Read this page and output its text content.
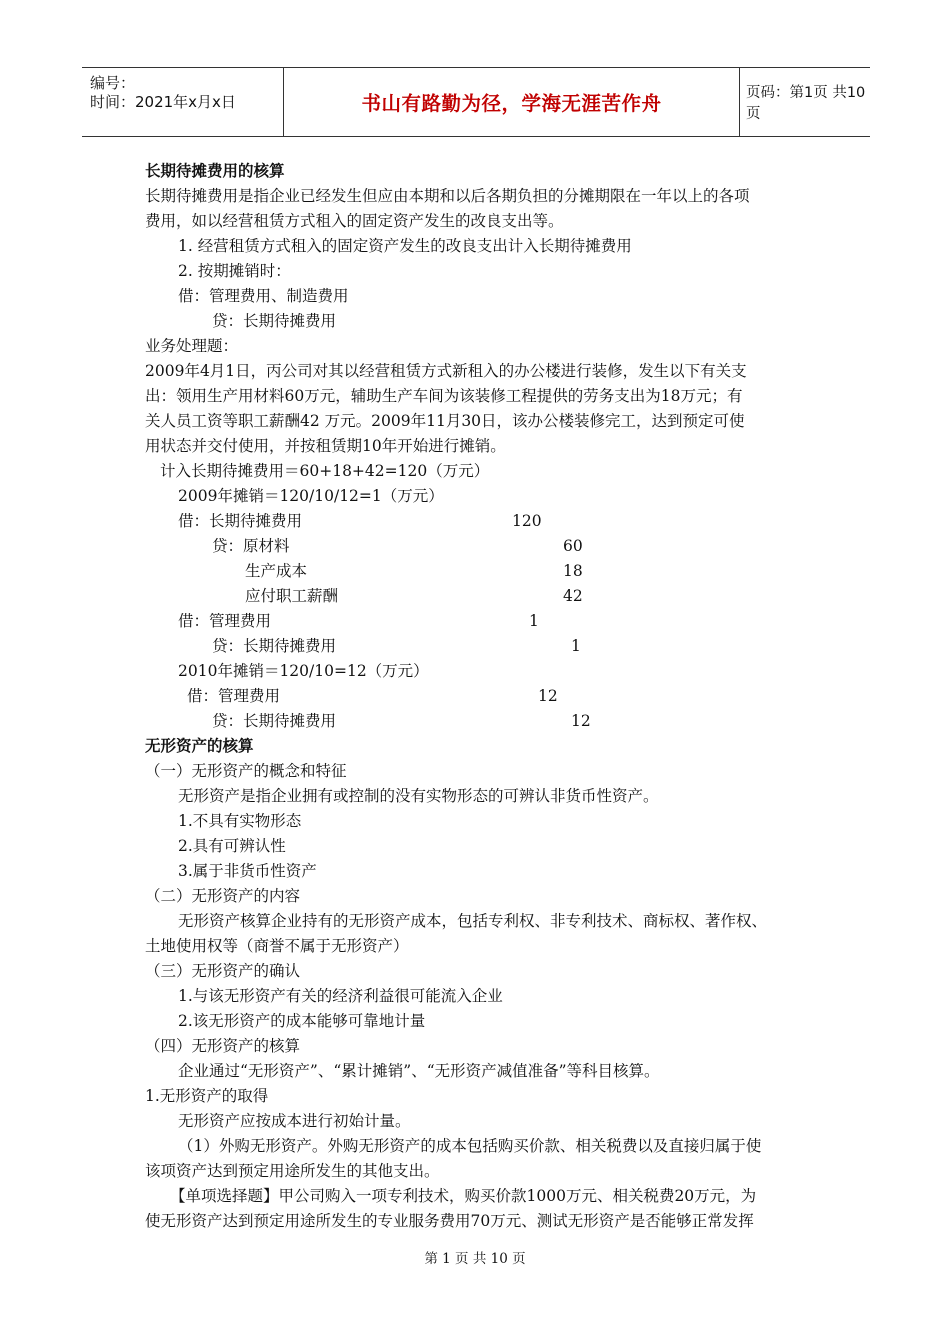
编号：
时间：2021年x月x日	书山有路勤为径，学海无涯苦作舟	页码：第1页 共10页
长期待摊费用的核算
长期待摊费用是指企业已经发生但应由本期和以后各期负担的分摊期限在一年以上的各项
费用，如以经营租赁方式租入的固定资产发生的改良支出等。
1. 经营租赁方式租入的固定资产发生的改良支出计入长期待摊费用
2. 按期摊销时：
借：管理费用、制造费用
贷：长期待摊费用
业务处理题：
2009年4月1日，丙公司对其以经营租赁方式新租入的办公楼进行装修，发生以下有关支
出：领用生产用材料60万元，辅助生产车间为该装修工程提供的劳务支出为18万元；有
关人员工资等职工薪酬42 万元。2009年11月30日，该办公楼装修完工，达到预定可使
用状态并交付使用，并按租赁期10年开始进行摊销。
计入长期待摊费用＝60+18+42=120（万元）
2009年摊销＝120/10/12=1（万元）
借：长期待摊费用	120
贷：原材料	60
生产成本	18
应付职工薪酬	42
借：管理费用	1
贷：长期待摊费用	1
2010年摊销＝120/10=12（万元）
借：管理费用	12
贷：长期待摊费用	12
无形资产的核算
（一）无形资产的概念和特征
无形资产是指企业拥有或控制的没有实物形态的可辨认非货币性资产。
1.不具有实物形态
2.具有可辨认性
3.属于非货币性资产
（二）无形资产的内容
无形资产核算企业持有的无形资产成本，包括专利权、非专利技术、商标权、著作权、
土地使用权等（商誉不属于无形资产）
（三）无形资产的确认
1.与该无形资产有关的经济利益很可能流入企业
2.该无形资产的成本能够可靠地计量
（四）无形资产的核算
企业通过“无形资产”、“累计摊销”、“无形资产减值准备”等科目核算。
1.无形资产的取得
无形资产应按成本进行初始计量。
（1）外购无形资产。外购无形资产的成本包括购买价款、相关税费以及直接归属于使
该项资产达到预定用途所发生的其他支出。
【单项选择题】甲公司购入一项专利技术，购买价款1000万元、相关税费20万元，为
使无形资产达到预定用途所发生的专业服务费用70万元、测试无形资产是否能够正常发挥
第 1 页 共 10 页
